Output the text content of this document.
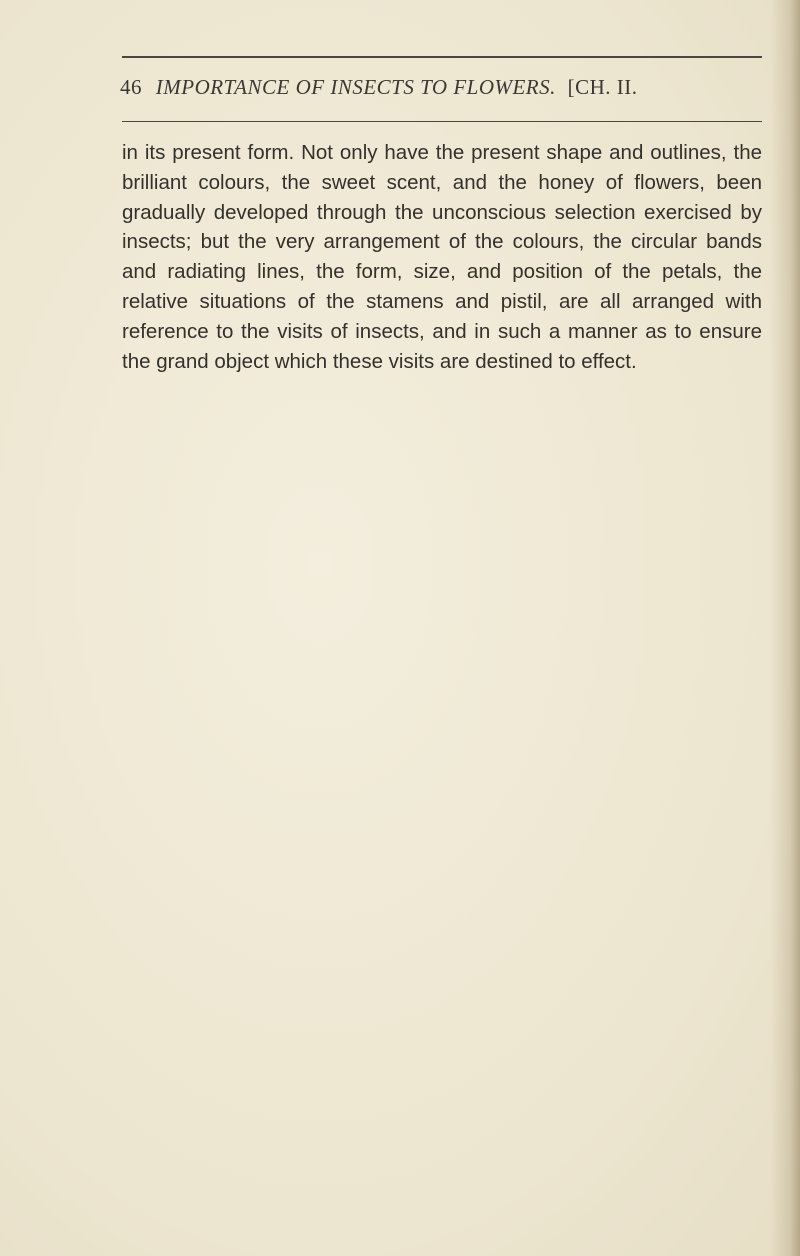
46 IMPORTANCE OF INSECTS TO FLOWERS. [CH. II.
in its present form. Not only have the present shape and outlines, the brilliant colours, the sweet scent, and the honey of flowers, been gradually developed through the unconscious selection exercised by insects; but the very arrangement of the colours, the circular bands and radiating lines, the form, size, and position of the petals, the relative situations of the stamens and pistil, are all arranged with reference to the visits of insects, and in such a manner as to ensure the grand object which these visits are destined to effect.
